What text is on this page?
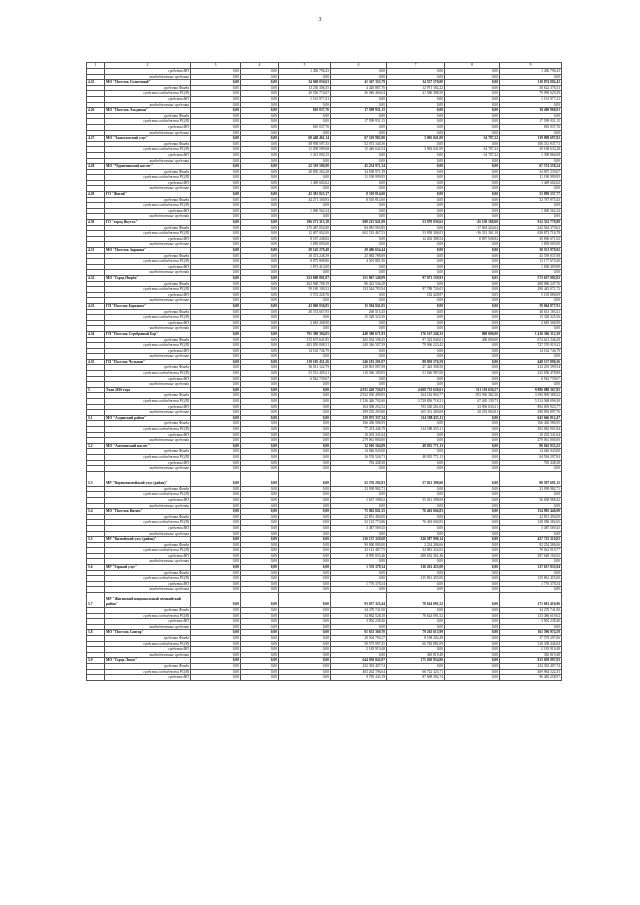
3
1	2	3	4	5	6	7	8	9
	средства МО	0,00	0,00	1 456 796,43	0,00	0,00	0,00	1 456 796,43
	внебюджетные средства	0,00	0,00	0,00	0,00	0,00	0,00	0,00
4.25	МО "Поселок Солнечный"	0,00	0,00	34 949 050,63	41 367 353,79	34 557 570,00	0,00	110 874 002,42
	средства Фонда	0,00	0,00	13 230 306,55	4 420 887,76	12 971 182,22	0,00	30 622 376,53
	средства госбюджета РС(Я)	0,00	0,00	20 556 774,67	36 946 466,04	21 586 388,58	0,00	79 090 629,29
	средства МО	0,00	0,00	1 161 977,41	0,00	0,00	0,00	1 161 977,41
	внебюджетные средства	0,00	0,00	0,00	0,00	0,00	0,00	0,00
4.26	МО "Поселок Эльдикан"	0,00	0,00	810 037,76	17 599 931,15	0,00	0,00	18 409 968,91
	средства Фонда	0,00	0,00	0,00	0,00	0,00	0,00	0,00
	средства госбюджета РС(Я)	0,00	0,00	0,00	17 599 931,15	0,00	0,00	17 599 931,15
	средства МО	0,00	0,00	810 037,76	0,00	0,00	0,00	810 037,76
	внебюджетные средства	0,00	0,00	0,00	0,00	0,00	0,00	0,00
4.27	МО "Хангаласский улус"	0,00	0,00	68 448 461,14	67 519 982,90	3 965 041,00	-34 787,22	139 898 697,82
	средства Фонда	0,00	0,00	58 958 597,35	52 073 340,36	0,00	0,00	106 331 937,71
	средства госбюджета РС(Я)	0,00	0,00	11 058 589,68	15 446 642,54	3 965 041,00	-34 787,22	30 168 633,28
	средства МО	0,00	0,00	1 431 094,15	0,00	0,00	-34 787,22	1 398 866,68
	внебюджетные средства	0,00	0,00	0,00	0,00	0,00	0,00	0,00
4.28	МО "Чурапчинский наслег"	0,00	0,00	22 319 586,90	45 254 971,34	0,00	0,00	67 574 558,24
	средства Фонда	0,00	0,00	20 850 264,28	34 058 971,39	0,00	0,00	54 907 235,67
	средства госбюджета РС(Я)	0,00	0,00	0,00	11 190 999,95	0,00	0,00	11 190 999,95
	средства МО	0,00	0,00	1 469 602,62	0,00	0,00	0,00	1 469 602,62
	внебюджетные средства	0,00	0,00	0,00	0,00	0,00	0,00	0,00
4.29	ГО "Жатай"	0,00	0,00	45 381 823,17	8 519 814,60	0,00	0,00	53 899 537,77
	средства Фонда	0,00	0,00	44 271 160,83	8 516 814,60	0,00	0,00	52 787 975,43
	средства госбюджета РС(Я)	0,00	0,00	0,00	0,00	0,00	0,00	0,00
	средства МО	0,00	0,00	1 060 562,34	0,00	0,00	0,00	1 060 562,34
	внебюджетные средства	0,00	0,00	0,00	0,00	0,00	0,00	0,00
4.30	ГО "город Якутск"	0,00	0,00	196 271 315,18	698 215 941,09	53 970 039,62	-45 158 168,00	912 352 770,88
	средства Фонда	0,00	0,00	175 487 052,00	84 081 993,85	0,00	-17 004 424,62	242 564 379,62
	средства госбюджета РС(Я)	0,00	0,00	12 697 002,00	602 533 467,53	53 958 306,03	-36 331 361,10	638 873 716,78
	средства МО	0,00	0,00	8 187 248,82	0,00	12 263 388,54	8 897 948,82	30 696 671,02
	внебюджетные средства	0,00	0,00	1 839 005,00	0,00	0,00	0,00	1 839 005,00
4.31	МО "Поселок Зырянка"	0,00	0,00	29 145 270,48	29 406 654,44	0,00	0,00	58 551 970,92
	средства Фонда	0,00	0,00	18 474 248,39	25 084 788,69	0,00	0,00	43 559 037,08
	средства госбюджета РС(Я)	0,00	0,00	8 875 808,80	4 301 881,50	0,00	0,00	13 177 670,40
	средства МО	0,00	0,00	1 873 413,00	0,00	0,00	0,00	1 838 409,88
	внебюджетные средства	0,00	0,00	0,00	0,00	0,00	0,00	0,00
4.32	МО "Город Нюрба"	0,00	0,00	323 698 801,07	151 967 140,09	97 971 159,93	0,05	573 637 092,82
	средства Фонда	0,00	0,00	202 968 708,19	86 422 546,28	0,00	0,00	288 086 247,76
	средства госбюджета РС(Я)	0,00	0,00	59 180 100,52	133 544 783,94	97 788 726,03	0,00	290 445 071,72
	средства МО	0,00	0,00	5 572 226,76	0,00	182 428,87	0,05	5 103 888,09
	внебюджетные средства	0,00	0,00	0,00	0,00	0,00	0,00	0,00
4.33	ГП "Поселок Беркакит"	0,00	0,00	43 860 036,85	15 594 841,05	0,00	0,00	59 064 877,91
	средства Фонда	0,00	0,00	40 374 667,95	266 515,45	0,00	0,00	40 631 183,41
	средства госбюджета РС(Я)	0,00	0,00	0,00	15 328 325,56	0,00	0,00	15 328 325,56
	средства МО	0,00	0,00	2 683 368,90	0,00	0,00	0,00	2 683 368,90
	внебюджетные средства	0,00	0,00	0,00	0,00	0,00	0,00	0,00
4.34	ГП "Поселок Серебряный Бор"	0,00	0,00	791 398 394,05	448 380 671,93	176 167 246,32	800 000,00	1 416 306 312,30
	средства Фонда	0,00	0,00	372 675 641,85	205 034 198,25	97 323 046,01	400 000,00	674 613 346,29
	средства госбюджета РС(Я)	0,00	0,00	403 850 808,31	240 346 507,59	79 966 223,42	0,00	727 570 919,22
	средства МО	0,00	0,00	14 163 746,79	0,00	0,00	0,00	14 162 746,79
	внебюджетные средства	0,00	0,00	0,00	0,00	0,00	0,00	0,00
4.35	ГП "Поселок Чульман"	0,00	0,00	119 105 451,26	246 181 201,07	88 850 576,59	0,00	448 137 890,26
	средства Фонда	0,00	0,00	56 011 122,79	128 801 087,08	27 443 308,50	0,00	212 255 599,54
	средства госбюджета РС(Я)	0,00	0,00	53 551 409,21	110 560 189,85	51 026 987,00	0,00	233 058 478,88
	средства МО	0,00	0,00	6 942 739,67	0,00	0,00	0,00	6 942 739,67
	внебюджетные средства	0,00	0,00	0,00	0,00	0,00	0,00	0,00
5	Этап 2016 года	0,00	0,00	0,00	4 931 420 726,03	4 609 733 630,61	311 119 636,57	9 886 088 367,85
	средства Фонда	0,00	0,00	0,00	2 932 030 498,85	164 182 860,77	293 956 382,36	3 390 909 388,22
	средства госбюджета РС(Я)	0,00	0,00	0,00	1 526 446 702,60	3 720 856 718,21	67 265 139,73	5 314 568 096,50
	средства МО	0,00	0,00	0,00	164 308 252,52	703 520 261,04	23 956 630,21	892 003 923,77
	внебюджетные средства	0,00	0,00	0,00	299 535 293,80	165 331 400,60	20 253 694,81	298 092 897,76
5.1	МО "Алданский район"	0,00	0,00	0,00	329 075 337,34	314 588 455,11	0,00	643 666 812,47
	средства Фонда	0,00	0,00	0,00	166 436 586,95	0,00	0,00	166 436 586,95
	средства госбюджета РС(Я)	0,00	0,00	0,00	77 474 446,79	314 588 455,11	0,00	392 082 901,84
	средства МО	0,00	0,00	0,00	10 203 341,64	0,00	0,00	10 203 341,64
	внебюджетные средства	0,00	0,00	0,00	279 061 800,00	0,00	0,00	279 061 800,00
5.2	МО "Аммгинский наслег"	0,00	0,00	0,00	32 010 164,09	48 035 771,13	0,00	80 045 935,22
	средства Фонда	0,00	0,00	0,00	14 046 943,00	0,00	0,00	14 046 943,00
	средства госбюджета РС(Я)	0,00	0,00	0,00	16 576 526,71	48 035 771,13	0,00	64 594 297,84
	средства МО	0,00	0,00	0,00	783 448,38	0,00	0,00	783 448,38
	внебюджетные средства	0,00	0,00	0,00	0,00	0,00	0,00	0,00
5.3	МР "Верхневилюйский улус (район)"	0,00	0,00	0,00	25 576 292,83	57 021 398,60	0,00	80 597 691,15
	средства Фонда	0,00	0,00	0,00	23 938 982,71	0,00	0,00	23 938 982,71
	средства госбюджета РС(Я)	0,00	0,00	0,00	0,00	0,00	0,00	0,00
	средства МО	0,00	0,00	0,00	1 637 198,62	55 021 398,60	0,00	56 658 988,42
	внебюджетные средства	0,00	0,00	0,00	0,00	0,00	0,00	0,00
5.4	МО "Поселок Витим"	0,00	0,00	0,00	75 862 841,25	76 463 604,83	0,00	154 905 446,08
	средства Фонда	0,00	0,00	0,00	22 851 494,00	0,00	0,00	22 851 494,00
	средства госбюджета РС(Я)	0,00	0,00	0,00	52 123 773,86	76 463 604,83	0,00	128 586 382,65
	средства МО	0,00	0,00	0,00	3 487 569,45	0,00	0,00	3 487 569,45
	внебюджетные средства	0,00	0,00	0,00	0,00	0,00	0,00	0,00
5.5	МР "Вилюйский улус (район)"	0,00	0,00	0,00	136 137 320,68	326 587 990,14	0,00	457 725 310,82
	средства Фонда	0,00	0,00	0,00	90 000 000,00	2 254 286,66	0,00	92 254 286,66
	средства госбюджета РС(Я)	0,00	0,00	0,00	43 141 487,75	34 881 432,02	0,00	78 022 919,77
	средства МО	0,00	0,00	0,00	8 995 833,46	288 652 261,46	0,00	297 648 104,92
	внебюджетные средства	0,00	0,00	0,00	0,00	0,00	0,00	0,00
5.6	МР "Горный улус"	0,00	0,00	0,00	1 376 378,34	136 261 455,00	0,00	137 637 833,94
	средства Фонда	0,00	0,00	0,00	0,00	0,00	0,00	0,00
	средства госбюджета РС(Я)	0,00	0,00	0,00	0,00	135 861 455,00	0,00	135 861 455,00
	средства МО	0,00	0,00	0,00	1 776 378,34	0,00	0,00	1 776 378,34
	внебюджетные средства	0,00	0,00	0,00	0,00	0,00	0,00	0,00
5.7	МР "Жиганский национальный эвенкийский район"	0,00	0,00	0,00	93 057 325,44	78 624 091,52	0,00	171 681 416,96
	средства Фонда	0,00	0,00	0,00	34 270 741,00	0,00	0,00	34 270 741,00
	средства госбюджета РС(Я)	0,00	0,00	0,00	54 862 528,10	78 624 091,52	0,00	133 486 619,62
	средства МО	0,00	0,00	0,00	3 902 238,40	0,00	0,00	3 902 238,40
	внебюджетные средства	0,00	0,00	0,00	0,00	0,00	0,00	0,00
5.8	МО "Поселок Сангар"	0,00	0,00	0,00	91 653 360,70	79 263 613,99	0,00	161 596 974,59
	средства Фонда	0,00	0,00	0,00	29 504 794,37	8 198 202,49	0,00	37 579 297,06
	средства госбюджета РС(Я)	0,00	0,00	0,00	59 575 997,45	66 782 881,09	0,00	116 358 446,04
	средства МО	0,00	0,00	0,00	2 183 919,48	0,00	0,00	2 183 919,48
	внебюджетные средства	0,00	0,00	0,00	0,00	365 819,48	0,00	365 819,48
5.9	МО "Город Ленск"	0,00	0,00	0,00	644 039 042,97	175 020 954,86	0,00	815 059 997,83
	средства Фонда	0,00	0,00	0,00	232 302 407,74	0,00	0,00	232 302 407,74
	средства госбюджета РС(Я)	0,00	0,00	0,00	403 262 196,64	66 722 325,71	0,00	469 984 522,35
	средства МО	0,00	0,00	0,00	9 783 443,19	87 698 382,74	0,00	96 482 258,97
